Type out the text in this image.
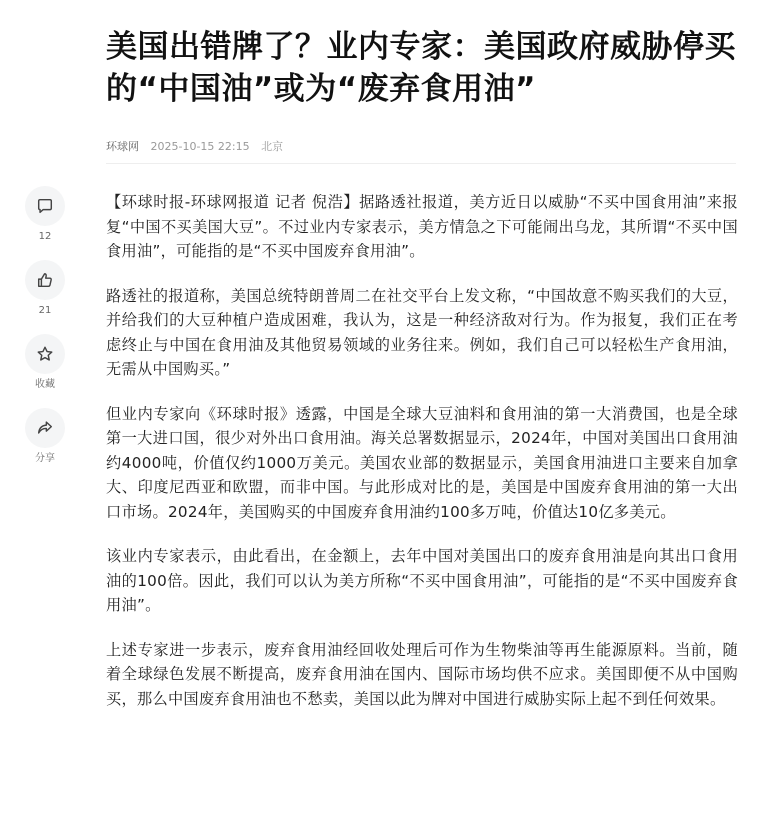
美国出错牌了？业内专家：美国政府威胁停买的“中国油”或为“废弃食用油”
环球网 2025-10-15 22:15 北京
12
21
收藏
分享

【环球时报-环球网报道 记者 倪浩】据路透社报道，美方近日以威胁“不买中国食用油”来报复“中国不买美国大豆”。不过业内专家表示，美方情急之下可能闹出乌龙，其所谓“不买中国食用油”，可能指的是“不买中国废弃食用油”。

路透社的报道称，美国总统特朗普周二在社交平台上发文称，“中国故意不购买我们的大豆，并给我们的大豆种植户造成困难，我认为，这是一种经济敌对行为。作为报复，我们正在考虑终止与中国在食用油及其他贸易领域的业务往来。例如，我们自己可以轻松生产食用油，无需从中国购买。”

但业内专家向《环球时报》透露，中国是全球大豆油料和食用油的第一大消费国，也是全球第一大进口国，很少对外出口食用油。海关总署数据显示，2024年，中国对美国出口食用油约4000吨，价值仅约1000万美元。美国农业部的数据显示，美国食用油进口主要来自加拿大、印度尼西亚和欧盟，而非中国。与此形成对比的是，美国是中国废弃食用油的第一大出口市场。2024年，美国购买的中国废弃食用油约100多万吨，价值达10亿多美元。

该业内专家表示，由此看出，在金额上，去年中国对美国出口的废弃食用油是向其出口食用油的100倍。因此，我们可以认为美方所称“不买中国食用油”，可能指的是“不买中国废弃食用油”。

上述专家进一步表示，废弃食用油经回收处理后可作为生物柴油等再生能源原料。当前，随着全球绿色发展不断提高，废弃食用油在国内、国际市场均供不应求。美国即便不从中国购买，那么中国废弃食用油也不愁卖，美国以此为牌对中国进行威胁实际上起不到任何效果。
